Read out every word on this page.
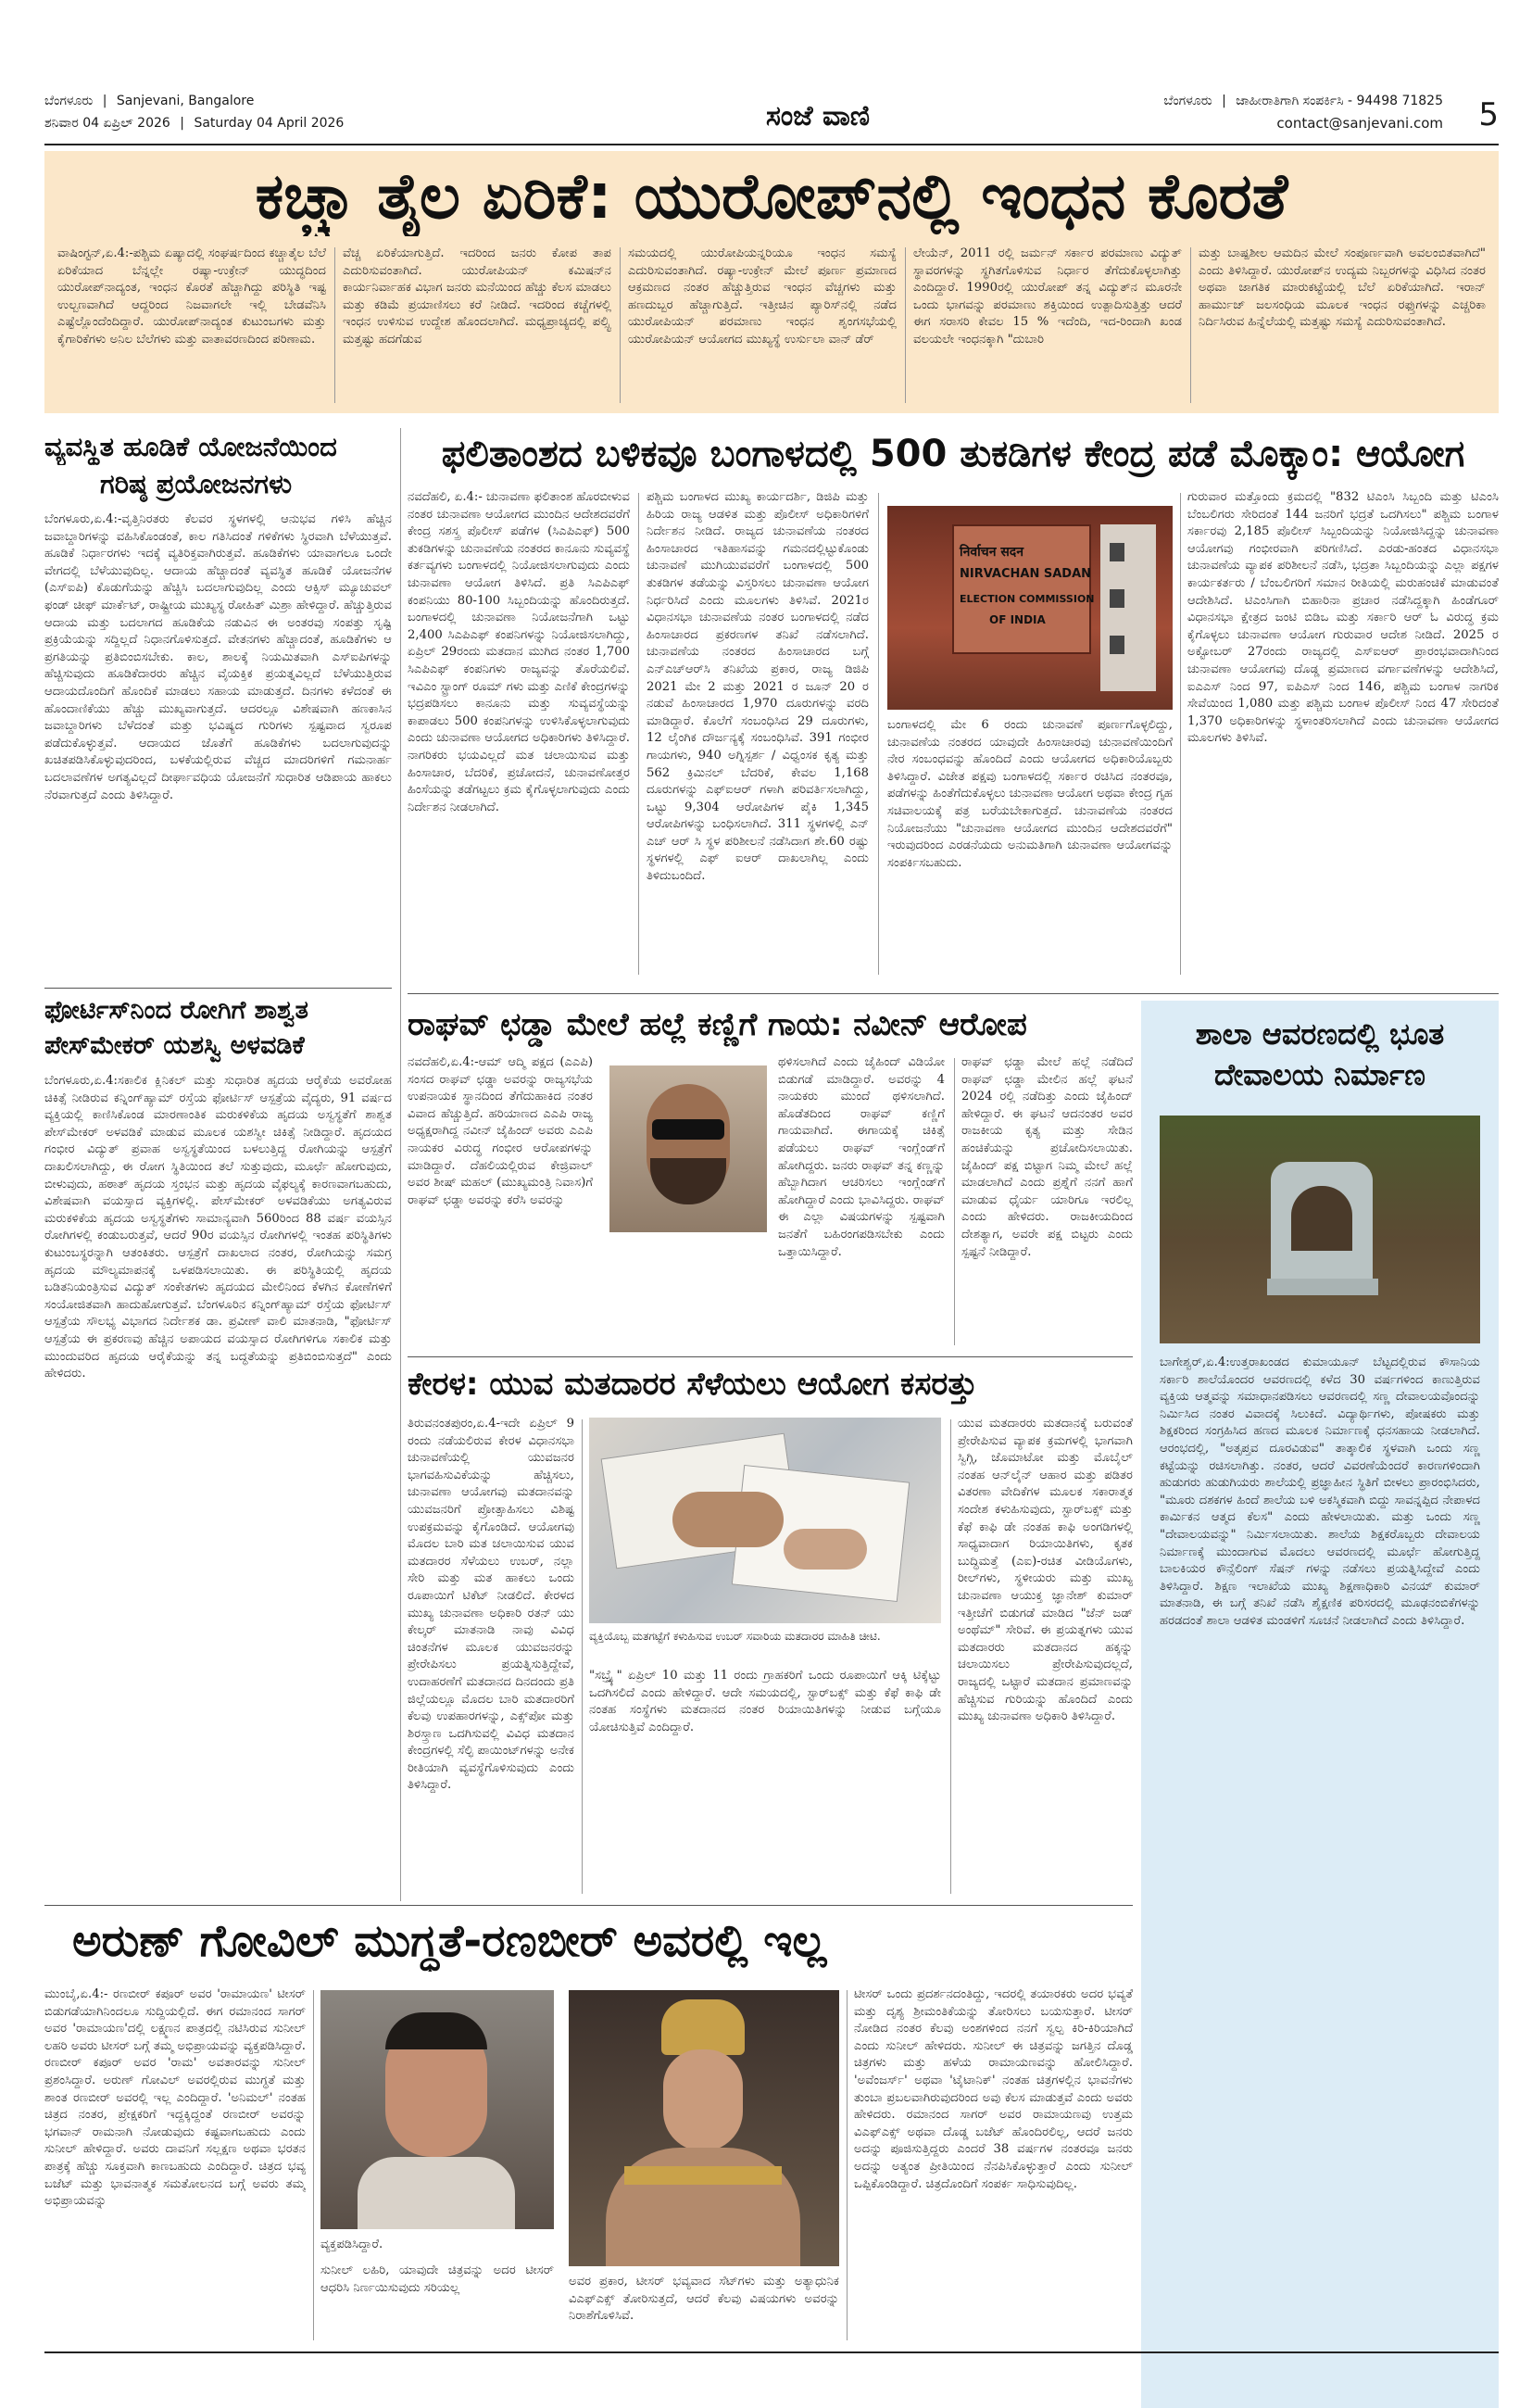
ಬೆಂಗಳೂರು | Sanjevani, Bangalore
ಶನಿವಾರ 04 ಏಪ್ರಿಲ್ 2026 | Saturday 04 April 2026	ಸಂಜೆ ವಾಣಿ	ಬೆಂಗಳೂರು | ಜಾಹೀರಾತಿಗಾಗಿ ಸಂಪರ್ಕಿಸಿ - 94498 71825
contact@sanjevani.com 5
ಕಚ್ಚಾ ತೈಲ ಏರಿಕೆ: ಯುರೋಪ್‌ನಲ್ಲಿ ಇಂಧನ ಕೊರತೆ
ವಾಷಿಂಗ್ಟನ್,ಏ.4:-ಪಶ್ಚಿಮ ಏಷ್ಯಾದಲ್ಲಿ ಸಂಘರ್ಷದಿಂದ ಕಚ್ಚಾತೈಲ ಬೆಲೆ ಏರಿಕೆಯಾದ ಬೆನ್ನಲ್ಲೇ ರಷ್ಯಾ-ಉಕ್ರೇನ್ ಯುದ್ಧದಿಂದ ಯುರೋಪ್‌ನಾದ್ಯಂತ, ಇಂಧನ ಕೊರತೆ ಹೆಚ್ಚಾಗಿದ್ದು ಪರಿಸ್ಥಿತಿ ಇಷ್ಟ ಉಲ್ಬಣವಾಗಿದೆ ಆದ್ದರಿಂದ ನಿಜವಾಗಲೇ ಇಲ್ಲಿ ಬೇಡವೆನಿಸಿ ಎಷ್ಟೆಲ್ಲೊಂದೆಂದಿದ್ದಾರೆ. ಯುರೋಪ್‌ನಾದ್ಯಂತ ಕುಟುಂಬಗಳು ಮತ್ತು ಕೈಗಾರಿಕೆಗಳು ಅನಿಲ ಬೆಲೆಗಳು ಮತ್ತು ವಾತಾವರಣದಿಂದ ಪರಿಣಾಮ.
ವೆಚ್ಚ ಏರಿಕೆಯಾಗುತ್ತಿದೆ. ಇದರಿಂದ ಜನರು ಕೋಪ ತಾಪ ಎದುರಿಸುವಂತಾಗಿದೆ. ಯುರೋಪಿಯನ್ ಕಮಿಷನ್‌ನ ಕಾರ್ಯನಿರ್ವಾಹಕ ವಿಭಾಗ ಜನರು ಮನೆಯಿಂದ ಹೆಚ್ಚು ಕೆಲಸ ಮಾಡಲು ಮತ್ತು ಕಡಿಮೆ ಪ್ರಯಾಣಿಸಲು ಕರೆ ನೀಡಿದೆ. ಇದರಿಂದ ಕಚ್ಚೆಗಳಲ್ಲಿ ಇಂಧನ ಉಳಿಸುವ ಉದ್ದೇಶ ಹೊಂದಲಾಗಿದೆ. ಮಧ್ಯಪ್ರಾಚ್ಯದಲ್ಲಿ ಪಲ್ಸ್ಟಿ ಮತ್ತಷ್ಟು ಹದಗೆಡುವ
ಸಮಯದಲ್ಲಿ ಯುರೋಪಿಯನ್ನರಿಯೂ ಇಂಧನ ಸಮಸ್ಯೆ ಎದುರಿಸುವಂತಾಗಿದೆ. ರಷ್ಯಾ-ಉಕ್ರೇನ್ ಮೇಲೆ ಪೂರ್ಣ ಪ್ರಮಾಣದ ಆಕ್ರಮಣದ ನಂತರ ಹೆಚ್ಚುತ್ತಿರುವ ಇಂಧನ ವೆಚ್ಚಗಳು ಮತ್ತು ಹಣದುಬ್ಬರ ಹೆಚ್ಚಾಗುತ್ತಿದೆ. ಇತ್ತೀಚಿನ ಪ್ಯಾರಿಸ್‌ನಲ್ಲಿ ನಡೆದ ಯುರೋಪಿಯನ್ ಪರಮಾಣು ಇಂಧನ ಶೃಂಗಸಭೆಯಲ್ಲಿ ಯುರೋಪಿಯನ್ ಆಯೋಗದ ಮುಖ್ಯಸ್ಥೆ ಉರ್ಸುಲಾ ವಾನ್ ಡೆರ್
ಲೇಯೆನ್, 2011 ರಲ್ಲಿ ಜರ್ಮನ್ ಸರ್ಕಾರ ಪರಮಾಣು ವಿದ್ಯುತ್ ಸ್ಥಾವರಗಳನ್ನು ಸ್ಥಗಿತಗೊಳಿಸುವ ನಿರ್ಧಾರ ತೆಗೆದುಕೊಳ್ಳಲಾಗಿತ್ತು ಎಂದಿದ್ದಾರೆ. 1990ರಲ್ಲಿ ಯುರೋಪ್ ತನ್ನ ವಿದ್ಯುತ್‌ನ ಮೂರನೇ ಒಂದು ಭಾಗವನ್ನು ಪರಮಾಣು ಶಕ್ತಿಯಿಂದ ಉತ್ಪಾದಿಸುತ್ತಿತ್ತು ಆದರೆ ಈಗ ಸರಾಸರಿ ಕೇವಲ 15 % ಇದೆಂದಿ, ಇದ-ರಿಂದಾಗಿ ಖಂಡ ವಲಯಲೇ ಇಂಧನಕ್ಕಾಗಿ "ದುಬಾರಿ
ಮತ್ತು ಬಾಷ್ಪಶೀಲ ಆಮದಿನ ಮೇಲೆ ಸಂಪೂರ್ಣವಾಗಿ ಅವಲಂಬಿತವಾಗಿದೆ" ಎಂದು ತಿಳಿಸಿದ್ದಾರೆ. ಯುರೋಪ್‌ನ ಉದ್ಯಮ ನಿಬ್ಬರಗಳನ್ನು ವಿಧಿಸಿದ ನಂತರ ಅಥವಾ ಜಾಗತಿಕ ಮಾರುಕಟ್ಟೆಯಲ್ಲಿ ಬೆಲೆ ಏರಿಕೆಯಾಗಿದೆ. ಇರಾನ್ ಹಾರ್ಮುಜ್ ಜಲಸಂಧಿಯ ಮೂಲಕ ಇಂಧನ ರಫ್ತುಗಳನ್ನು ಎಚ್ಚರಿಕಾ ನಿರ್ದಿಸಿರುವ ಹಿನ್ನೆಲೆಯಲ್ಲಿ ಮತ್ತಷ್ಟು ಸಮಸ್ಯೆ ಎದುರಿಸುವಂತಾಗಿದೆ.
ವ್ಯವಸ್ಥಿತ ಹೂಡಿಕೆ ಯೋಜನೆಯಿಂದ
ಗರಿಷ್ಠ ಪ್ರಯೋಜನಗಳು
ಬೆಂಗಳೂರು,ಏ.4:-ವೃತ್ತಿನಿರತರು ಕೆಲವರ ಸ್ಥಳಗಳಲ್ಲಿ ಆನುಭವ ಗಳಿಸಿ ಹೆಚ್ಚಿನ ಜವಾಬ್ದಾರಿಗಳನ್ನು ವಹಿಸಿಕೊಂಡಂತೆ, ಕಾಲ ಗತಿಸಿದಂತೆ ಗಳಿಕೆಗಳು ಸ್ಥಿರವಾಗಿ ಬೆಳೆಯುತ್ತವೆ. ಹೂಡಿಕೆ ನಿರ್ಧಾರಗಳು ಇದಕ್ಕೆ ವ್ಯತಿರಿಕ್ತವಾಗಿರುತ್ತವೆ. ಹೂಡಿಕೆಗಳು ಯಾವಾಗಲೂ ಒಂದೇ ವೇಗದಲ್ಲಿ ಬೆಳೆಯುವುದಿಲ್ಲ. ಆದಾಯ ಹೆಚ್ಚಾದಂತೆ ವ್ಯವಸ್ಥಿತ ಹೂಡಿಕೆ ಯೋಜನೆಗಳ (ಎಸ್‌ಐಪಿ) ಕೊಡುಗೆಯನ್ನು ಹೆಚ್ಚಿಸಿ ಬದಲಾಗುವುದಿಲ್ಲ ಎಂದು ಆಕ್ಸಿಸ್ ಮ್ಯೂಚುವಲ್ ಫಂಡ್ ಚೀಫ್ ಮಾರ್ಕೆಟ್, ರಾಷ್ಟ್ರೀಯ ಮುಖ್ಯಸ್ಥ ರೋಹಿತ್ ಮಿಶ್ರಾ ಹೇಳಿದ್ದಾರೆ. ಹೆಚ್ಚುತ್ತಿರುವ ಆದಾಯ ಮತ್ತು ಬದಲಾಗದ ಹೂಡಿಕೆಯ ನಡುವಿನ ಈ ಅಂತರವು ಸಂಪತ್ತು ಸೃಷ್ಟಿ ಪ್ರಕ್ರಿಯೆಯನ್ನು ಸದ್ದಿಲ್ಲದೆ ನಿಧಾನಗೊಳಿಸುತ್ತದೆ. ವೇತನಗಳು ಹೆಚ್ಚಾದಂತೆ, ಹೂಡಿಕೆಗಳು ಆ ಪ್ರಗತಿಯನ್ನು ಪ್ರತಿಬಿಂಬಿಸಬೇಕು. ಕಾಲ, ಶಾಲಕ್ಕೆ ನಿಯಮಿತವಾಗಿ ಎಸ್‌ಐಪಿಗಳನ್ನು ಹೆಚ್ಚಿಸುವುದು ಹೂಡಿಕೆದಾರರು ಹೆಚ್ಚಿನ ವೈಯಕ್ತಿಕ ಪ್ರಯತ್ನವಿಲ್ಲದೆ ಬೆಳೆಯುತ್ತಿರುವ ಆದಾಯದೊಂದಿಗೆ ಹೊಂದಿಕೆ ಮಾಡಲು ಸಹಾಯ ಮಾಡುತ್ತದೆ. ದಿನಗಳು ಕಳೆದಂತೆ ಈ ಹೊಂದಾಣಿಕೆಯು ಹೆಚ್ಚು ಮುಖ್ಯವಾಗುತ್ತದೆ. ಆದರಲ್ಲೂ ವಿಶೇಷವಾಗಿ ಹಣಕಾಸಿನ ಜವಾಬ್ದಾರಿಗಳು ಬೆಳೆದಂತೆ ಮತ್ತು ಭವಿಷ್ಯದ ಗುರಿಗಳು ಸ್ಪಷ್ಟವಾದ ಸ್ವರೂಪ ಪಡೆದುಕೊಳ್ಳುತ್ತವೆ. ಆದಾಯದ ಜೊತೆಗೆ ಹೂಡಿಕೆಗಳು ಬದಲಾಗುವುದನ್ನು ಖಚಿತಪಡಿಸಿಕೊಳ್ಳುವುದರಿಂದ, ಬಳಕೆಯಲ್ಲಿರುವ ವೆಚ್ಚದ ಮಾದರಿಗಳಿಗೆ ಗಮನಾರ್ಹ ಬದಲಾವಣೆಗಳ ಅಗತ್ಯವಿಲ್ಲದೆ ದೀರ್ಘಾವಧಿಯ ಯೋಜನೆಗೆ ಸುಧಾರಿತ ಆಡಿಪಾಯ ಹಾಕಲು ನೆರವಾಗುತ್ತದೆ ಎಂದು ತಿಳಿಸಿದ್ದಾರೆ.
ಫಲಿತಾಂಶದ ಬಳಿಕವೂ ಬಂಗಾಳದಲ್ಲಿ 500 ತುಕಡಿಗಳ ಕೇಂದ್ರ ಪಡೆ ಮೊಕ್ಕಾಂ: ಆಯೋಗ
ನವದೆಹಲಿ, ಏ.4:- ಚುನಾವಣಾ ಫಲಿತಾಂಶ ಹೊರಬೀಳುವ ನಂತರ ಚುನಾವಣಾ ಆಯೋಗದ ಮುಂದಿನ ಆದೇಶದವರೆಗೆ ಕೇಂದ್ರ ಸಶಸ್ತ್ರ ಪೊಲೀಸ್ ಪಡೆಗಳ (ಸಿಎಪಿಎಫ್) 500 ತುಕಡಿಗಳನ್ನು ಚುನಾವಣೆಯ ನಂತರದ ಕಾನೂನು ಸುವ್ಯವಸ್ಥೆ ಕರ್ತವ್ಯಗಳು ಬಂಗಾಳದಲ್ಲಿ ನಿಯೋಜಿಸಲಾಗುವುದು ಎಂದು ಚುನಾವಣಾ ಆಯೋಗ ತಿಳಿಸಿದೆ. ಪ್ರತಿ ಸಿಎಪಿಎಫ್ ಕಂಪನಿಯು 80-100 ಸಿಬ್ಬಂದಿಯನ್ನು ಹೊಂದಿರುತ್ತದೆ. ಬಂಗಾಳದಲ್ಲಿ ಚುನಾವಣಾ ನಿಯೋಜನೆಗಾಗಿ ಒಟ್ಟು 2,400 ಸಿಎಪಿಎಫ್ ಕಂಪನಿಗಳನ್ನು ನಿಯೋಜಿಸಲಾಗಿದ್ದು, ಏಪ್ರಿಲ್ 29ರಂದು ಮತದಾನ ಮುಗಿದ ನಂತರ 1,700 ಸಿಎಪಿಎಫ್ ಕಂಪನಿಗಳು ರಾಜ್ಯವನ್ನು ತೊರೆಯಲಿವೆ. ಇವಿಎಂ ಸ್ಟ್ರಾಂಗ್ ರೂಮ್ ಗಳು ಮತ್ತು ಎಣಿಕೆ ಕೇಂದ್ರಗಳನ್ನು ಭದ್ರಪಡಿಸಲು ಕಾನೂನು ಮತ್ತು ಸುವ್ಯವಸ್ಥೆಯನ್ನು ಕಾಪಾಡಲು 500 ಕಂಪನಿಗಳನ್ನು ಉಳಿಸಿಕೊಳ್ಳಲಾಗುವುದು ಎಂದು ಚುನಾವಣಾ ಆಯೋಗದ ಅಧಿಕಾರಿಗಳು ತಿಳಿಸಿದ್ದಾರೆ. ನಾಗರಿಕರು ಭಯವಿಲ್ಲದೆ ಮತ ಚಲಾಯಿಸುವ ಮತ್ತು ಹಿಂಸಾಚಾರ, ಬೆದರಿಕೆ, ಪ್ರಚೋದನೆ, ಚುನಾವಣೋತ್ತರ ಹಿಂಸೆಯನ್ನು ತಡೆಗಟ್ಟಲು ಕ್ರಮ ಕೈಗೊಳ್ಳಲಾಗುವುದು ಎಂದು ನಿರ್ದೇಶನ ನೀಡಲಾಗಿದೆ.
ಪಶ್ಚಿಮ ಬಂಗಾಳದ ಮುಖ್ಯ ಕಾರ್ಯದರ್ಶಿ, ಡಿಜಿಪಿ ಮತ್ತು ಹಿರಿಯ ರಾಜ್ಯ ಆಡಳಿತ ಮತ್ತು ಪೊಲೀಸ್ ಅಧಿಕಾರಿಗಳಿಗೆ ನಿರ್ದೇಶನ ನೀಡಿದೆ. ರಾಜ್ಯದ ಚುನಾವಣೆಯ ನಂತರದ ಹಿಂಸಾಚಾರದ ಇತಿಹಾಸವನ್ನು ಗಮನದಲ್ಲಿಟ್ಟುಕೊಂಡು ಚುನಾವಣೆ ಮುಗಿಯುವವರೆಗೆ ಬಂಗಾಳದಲ್ಲಿ 500 ತುಕಡಿಗಳ ತಡೆಯನ್ನು ವಿಸ್ತರಿಸಲು ಚುನಾವಣಾ ಆಯೋಗ ನಿರ್ಧರಿಸಿದೆ ಎಂದು ಮೂಲಗಳು ತಿಳಿಸಿವೆ. 2021ರ ವಿಧಾನಸಭಾ ಚುನಾವಣೆಯ ನಂತರ ಬಂಗಾಳದಲ್ಲಿ ನಡೆದ ಹಿಂಸಾಚಾರದ ಪ್ರಕರಣಗಳ ತನಿಖೆ ನಡೆಸಲಾಗಿದೆ. ಚುನಾವಣೆಯ ನಂತರದ ಹಿಂಸಾಚಾರದ ಬಗ್ಗೆ ಎನ್‌ಎಚ್‌ಆರ್‌ಸಿ ತನಿಖೆಯ ಪ್ರಕಾರ, ರಾಜ್ಯ ಡಿಜಿಪಿ 2021 ಮೇ 2 ಮತ್ತು 2021 ರ ಜೂನ್ 20 ರ ನಡುವೆ ಹಿಂಸಾಚಾರದ 1,970 ದೂರುಗಳನ್ನು ವರದಿ ಮಾಡಿದ್ದಾರೆ. ಕೊಲೆಗೆ ಸಂಬಂಧಿಸಿದ 29 ದೂರುಗಳು, 12 ಲೈಂಗಿಕ ದೌರ್ಜನ್ಯಕ್ಕೆ ಸಂಬಂಧಿಸಿವೆ. 391 ಗಂಭೀರ ಗಾಯಗಳು, 940 ಅಗ್ನಿಸ್ಪರ್ಶ / ವಿಧ್ವಂಸಕ ಕೃತ್ಯ ಮತ್ತು 562 ಕ್ರಿಮಿನಲ್ ಬೆದರಿಕೆ, ಕೇವಲ 1,168 ದೂರುಗಳನ್ನು ಎಫ್‌ಐಆರ್ ಗಳಾಗಿ ಪರಿವರ್ತಿಸಲಾಗಿದ್ದು, ಒಟ್ಟು 9,304 ಆರೋಪಿಗಳ ಪೈಕಿ 1,345 ಆರೋಪಿಗಳನ್ನು ಬಂಧಿಸಲಾಗಿದೆ. 311 ಸ್ಥಳಗಳಲ್ಲಿ ಎನ್ ಎಚ್ ಆರ್ ಸಿ ಸ್ಥಳ ಪರಿಶೀಲನೆ ನಡೆಸಿದಾಗ ಶೇ.60 ರಷ್ಟು ಸ್ಥಳಗಳಲ್ಲಿ ಎಫ್ ಐಆರ್ ದಾಖಲಾಗಿಲ್ಲ ಎಂದು ತಿಳಿದುಬಂದಿದೆ.
निर्वाचन सदन
NIRVACHAN SADAN
ELECTION COMMISSION
OF INDIA
ಬಂಗಾಳದಲ್ಲಿ ಮೇ 6 ರಂದು ಚುನಾವಣೆ ಪೂರ್ಣಗೊಳ್ಳಲಿದ್ದು, ಚುನಾವಣೆಯ ನಂತರದ ಯಾವುದೇ ಹಿಂಸಾಚಾರವು ಚುನಾವಣೆಯಿಂದಿಗೆ ನೇರ ಸಂಬಂಧವನ್ನು ಹೊಂದಿದೆ ಎಂದು ಆಯೋಗದ ಅಧಿಕಾರಿಯೊಬ್ಬರು ತಿಳಿಸಿದ್ದಾರೆ. ವಿಜೇತ ಪಕ್ಷವು ಬಂಗಾಳದಲ್ಲಿ ಸರ್ಕಾರ ರಚಿಸಿದ ನಂತರವೂ, ಪಡೆಗಳನ್ನು ಹಿಂತೆಗೆದುಕೊಳ್ಳಲು ಚುನಾವಣಾ ಆಯೋಗ ಅಥವಾ ಕೇಂದ್ರ ಗೃಹ ಸಚಿವಾಲಯಕ್ಕೆ ಪತ್ರ ಬರೆಯಬೇಕಾಗುತ್ತದೆ. ಚುನಾವಣೆಯ ನಂತರದ ನಿಯೋಜನೆಯು "ಚುನಾವಣಾ ಆಯೋಗದ ಮುಂದಿನ ಆದೇಶದವರೆಗೆ" ಇರುವುದರಿಂದ ಎರಡನೆಯದು ಅನುಮತಿಗಾಗಿ ಚುನಾವಣಾ ಆಯೋಗವನ್ನು ಸಂಪರ್ಕಿಸಬಹುದು.
ಗುರುವಾರ ಮತ್ತೊಂದು ಕ್ರಮದಲ್ಲಿ "832 ಟಿಎಂಸಿ ಸಿಬ್ಬಂದಿ ಮತ್ತು ಟಿಎಂಸಿ ಬೆಂಬಲಿಗರು ಸೇರಿದಂತೆ 144 ಜನರಿಗೆ ಭದ್ರತೆ ಒದಗಿಸಲು" ಪಶ್ಚಿಮ ಬಂಗಾಳ ಸರ್ಕಾರವು 2,185 ಪೊಲೀಸ್ ಸಿಬ್ಬಂದಿಯನ್ನು ನಿಯೋಜಿಸಿದ್ದನ್ನು ಚುನಾವಣಾ ಆಯೋಗವು ಗಂಭೀರವಾಗಿ ಪರಿಗಣಿಸಿದೆ. ಎರಡು-ಹಂತದ ವಿಧಾನಸಭಾ ಚುನಾವಣೆಯ ವ್ಯಾಪಕ ಪರಿಶೀಲನೆ ನಡೆಸಿ, ಭದ್ರತಾ ಸಿಬ್ಬಂದಿಯನ್ನು ಎಲ್ಲಾ ಪಕ್ಷಗಳ ಕಾರ್ಯಕರ್ತರು / ಬೆಂಬಲಿಗರಿಗೆ ಸಮಾನ ರೀತಿಯಲ್ಲಿ ಮರುಹಂಚಿಕೆ ಮಾಡುವಂತೆ ಆದೇಶಿಸಿದೆ. ಟಿಎಂಸಿಗಾಗಿ ಬಿಹಾರಿನಾ ಪ್ರಚಾರ ನಡೆಸಿದ್ದಕ್ಕಾಗಿ ಹಿಂಡೆಗೂರ್ ವಿಧಾನಸಭಾ ಕ್ಷೇತ್ರದ ಜಂಟಿ ಬಿಡಿಒ ಮತ್ತು ಸರ್ಕಾರಿ ಆರ್ ಓ ವಿರುದ್ಧ ಕ್ರಮ ಕೈಗೊಳ್ಳಲು ಚುನಾವಣಾ ಆಯೋಗ ಗುರುವಾರ ಆದೇಶ ನೀಡಿದೆ. 2025 ರ ಅಕ್ಟೋಬರ್ 27ರಂದು ರಾಜ್ಯದಲ್ಲಿ ಎಸ್‌ಐಆರ್ ಪ್ರಾರಂಭವಾದಾಗಿನಿಂದ ಚುನಾವಣಾ ಆಯೋಗವು ದೊಡ್ಡ ಪ್ರಮಾಣದ ವರ್ಗಾವಣೆಗಳನ್ನು ಆದೇಶಿಸಿದೆ, ಐಎಎಸ್ ನಿಂದ 97, ಐಪಿಎಸ್ ನಿಂದ 146, ಪಶ್ಚಿಮ ಬಂಗಾಳ ನಾಗರಿಕ ಸೇವೆಯಿಂದ 1,080 ಮತ್ತು ಪಶ್ಚಿಮ ಬಂಗಾಳ ಪೊಲೀಸ್ ನಿಂದ 47 ಸೇರಿದಂತೆ 1,370 ಅಧಿಕಾರಿಗಳನ್ನು ಸ್ಥಳಾಂತರಿಸಲಾಗಿದೆ ಎಂದು ಚುನಾವಣಾ ಆಯೋಗದ ಮೂಲಗಳು ತಿಳಿಸಿವೆ.
ಫೋರ್ಟಿಸ್‌ನಿಂದ ರೋಗಿಗೆ ಶಾಶ್ವತ
ಪೇಸ್‌ಮೇಕರ್ ಯಶಸ್ವಿ ಅಳವಡಿಕೆ
ಬೆಂಗಳೂರು,ಏ.4:ಸಕಾಲಿಕ ಕ್ಲಿನಿಕಲ್ ಮತ್ತು ಸುಧಾರಿತ ಹೃದಯ ಆರೈಕೆಯ ಅವರೋಹ ಚಿಕಿತ್ಸೆ ನೀಡಿರುವ ಕನ್ನಿಂಗ್‌ಹ್ಯಾಮ್ ರಸ್ತೆಯ ಫೋರ್ಟಿಸ್ ಆಸ್ಪತ್ರೆಯ ವೈದ್ಯರು, 91 ವರ್ಷದ ವ್ಯಕ್ತಿಯಲ್ಲಿ ಕಾಣಿಸಿಕೊಂಡ ಮಾರಣಾಂತಿಕ ಮರುಕಳಿಕೆಯ ಹೃದಯ ಅಸ್ವಸ್ಥತೆಗೆ ಶಾಶ್ವತ ಪೇಸ್‌ಮೇಕರ್ ಅಳವಡಿಕೆ ಮಾಡುವ ಮೂಲಕ ಯಶಸ್ವೀ ಚಿಕಿತ್ಸೆ ನೀಡಿದ್ದಾರೆ. ಹೃದಯದ ಗಂಭೀರ ವಿದ್ಯುತ್ ಪ್ರವಾಹ ಅಸ್ವಸ್ಥತೆಯಿಂದ ಬಳಲುತ್ತಿದ್ದ ರೋಗಿಯನ್ನು ಆಸ್ಪತ್ರೆಗೆ ದಾಖಲಿಸಲಾಗಿದ್ದು, ಈ ರೋಗ ಸ್ಥಿತಿಯಿಂದ ತಲೆ ಸುತ್ತುವುದು, ಮೂರ್ಛೆ ಹೋಗುವುದು, ಬೀಳುವುದು, ಹಠಾತ್ ಹೃದಯ ಸ್ತಂಭನ ಮತ್ತು ಹೃದಯ ವೈಫಲ್ಯಕ್ಕೆ ಕಾರಣವಾಗಬಹುದು, ವಿಶೇಷವಾಗಿ ವಯಸ್ಸಾದ ವ್ಯಕ್ತಿಗಳಲ್ಲಿ. ಪೇಸ್‌ಮೇಕರ್ ಅಳವಡಿಕೆಯು ಅಗತ್ಯವಿರುವ ಮರುಕಳಿಕೆಯ ಹೃದಯ ಅಸ್ವಸ್ಥತೆಗಳು ಸಾಮಾನ್ಯವಾಗಿ 560ರಿಂದ 88 ವರ್ಷ ವಯಸ್ಸಿನ ರೋಗಿಗಳಲ್ಲಿ ಕಂಡುಬರುತ್ತವೆ, ಆದರೆ 90ರ ವಯಸ್ಸಿನ ರೋಗಿಗಳಲ್ಲಿ ಇಂತಹ ಪರಿಸ್ಥಿತಿಗಳು ಕುಟುಂಬಸ್ಥರನ್ನಾಗಿ ಆತಂಕಿತರು. ಆಸ್ಪತ್ರೆಗೆ ದಾಖಲಾದ ನಂತರ, ರೋಗಿಯನ್ನು ಸಮಗ್ರ ಹೃದಯ ಮೌಲ್ಯಮಾಪನಕ್ಕೆ ಒಳಪಡಿಸಲಾಯಿತು. ಈ ಪರಿಸ್ಥಿತಿಯಲ್ಲಿ ಹೃದಯ ಬಡಿತನಿಯಂತ್ರಿಸುವ ವಿದ್ಯುತ್ ಸಂಕೇತಗಳು ಹೃದಯದ ಮೇಲಿನಿಂದ ಕೆಳಗಿನ ಕೋಣೆಗಳಿಗೆ ಸಂಯೋಜಿತವಾಗಿ ಹಾದುಹೋಗುತ್ತವೆ. ಬೆಂಗಳೂರಿನ ಕನ್ನಿಂಗ್‌ಹ್ಯಾಮ್ ರಸ್ತೆಯ ಫೋರ್ಟಿಸ್ ಆಸ್ಪತ್ರೆಯ ಸೌಲಭ್ಯ ವಿಭಾಗದ ನಿರ್ದೇಶಕ ಡಾ. ಪ್ರವೀಣ್ ವಾಲಿ ಮಾತನಾಡಿ, "ಫೋರ್ಟಿಸ್ ಆಸ್ಪತ್ರೆಯ ಈ ಪ್ರಕರಣವು ಹೆಚ್ಚಿನ ಅಪಾಯದ ವಯಸ್ಸಾದ ರೋಗಿಗಳಿಗೂ ಸಕಾಲಿಕ ಮತ್ತು ಮುಂದುವರಿದ ಹೃದಯ ಆರೈಕೆಯನ್ನು ತನ್ನ ಬದ್ಧತೆಯನ್ನು ಪ್ರತಿಬಿಂಬಿಸುತ್ತದೆ" ಎಂದು ಹೇಳಿದರು.
ರಾಘವ್ ಛಡ್ಡಾ ಮೇಲೆ ಹಲ್ಲೆ ಕಣ್ಣಿಗೆ ಗಾಯ: ನವೀನ್ ಆರೋಪ
ನವದೆಹಲಿ,ಏ.4:-ಆಮ್ ಆದ್ಮಿ ಪಕ್ಷದ (ಎಎಪಿ) ಸಂಸದ ರಾಘವ್ ಛಡ್ಡಾ ಅವರನ್ನು ರಾಜ್ಯಸಭೆಯ ಉಪನಾಯಕ ಸ್ಥಾನದಿಂದ ತೆಗೆದುಹಾಕಿದ ನಂತರ ವಿವಾದ ಹೆಚ್ಚುತ್ತಿದೆ. ಹರಿಯಾಣದ ಎಎಪಿ ರಾಜ್ಯ ಅಧ್ಯಕ್ಷರಾಗಿದ್ದ ನವೀನ್ ಜೈಹಿಂದ್ ಅವರು ಎಎಪಿ ನಾಯಕರ ವಿರುದ್ಧ ಗಂಭೀರ ಆರೋಪಗಳನ್ನು ಮಾಡಿದ್ದಾರೆ. ದೆಹಲಿಯಲ್ಲಿರುವ ಕೇಜ್ರಿವಾಲ್ ಅವರ ಶೀಷ್ ಮಹಲ್ (ಮುಖ್ಯಮಂತ್ರಿ ನಿವಾಸ)ಗೆ ರಾಘವ್ ಛಡ್ಡಾ ಅವರನ್ನು ಕರೆಸಿ ಅವರನ್ನು
ಥಳಿಸಲಾಗಿದೆ ಎಂದು ಜೈಹಿಂದ್ ವಿಡಿಯೋ ಬಿಡುಗಡೆ ಮಾಡಿದ್ದಾರೆ. ಅವರನ್ನು 4 ನಾಯಕರು ಮುಂದೆ ಥಳಿಸಲಾಗಿದೆ. ಹೊಡೆತದಿಂದ ರಾಘವ್ ಕಣ್ಣಿಗೆ ಗಾಯವಾಗಿದೆ. ಈಗಾಯಕ್ಕೆ ಚಿಕಿತ್ಸೆ ಪಡೆಯಲು ರಾಘವ್ ಇಂಗ್ಲೆಂಡ್‌ಗೆ ಹೋಗಿದ್ದರು. ಜನರು ರಾಘವ್ ತನ್ನ ಕಣ್ಣನ್ನು ಹೆಬ್ಬಾಗಿದಾಗ ಆಚರಿಸಲು ಇಂಗ್ಲೆಂಡ್‌ಗೆ ಹೋಗಿದ್ದಾರೆ ಎಂದು ಭಾವಿಸಿದ್ದರು. ರಾಘವ್ ಈ ಎಲ್ಲಾ ವಿಷಯಗಳನ್ನು ಸ್ಪಷ್ಟವಾಗಿ ಜನತೆಗೆ ಬಹಿರಂಗಪಡಿಸಬೇಕು ಎಂದು ಒತ್ತಾಯಿಸಿದ್ದಾರೆ.
ರಾಘವ್ ಛಡ್ಡಾ ಮೇಲೆ ಹಲ್ಲೆ ನಡೆದಿದೆ ರಾಘವ್ ಛಡ್ಡಾ ಮೇಲಿನ ಹಲ್ಲೆ ಘಟನೆ 2024 ರಲ್ಲಿ ನಡೆದಿತ್ತು ಎಂದು ಜೈಹಿಂದ್ ಹೇಳಿದ್ದಾರೆ. ಈ ಘಟನೆ ಆದನಂತರ ಅವರ ರಾಜಕೀಯ ಕೃತ್ಯ ಮತ್ತು ಸೇಡಿನ ಹಂಚಿಕೆಯನ್ನು ಪ್ರಚೋದಿಸಲಾಯಿತು. ಜೈಹಿಂದ್ ಪಕ್ಷ ಬಿಟ್ಟಾಗ ನಿಮ್ಮ ಮೇಲೆ ಹಲ್ಲೆ ಮಾಡಲಾಗಿದೆ ಎಂದು ಪ್ರಶ್ನೆಗೆ ನನಗೆ ಹಾಗೆ ಮಾಡುವ ಧೈರ್ಯ ಯಾರಿಗೂ ಇರಲಿಲ್ಲ ಎಂದು ಹೇಳಿದರು. ರಾಜಕೀಯದಿಂದ ದೇಶತ್ಯಾಗ, ಅವರೇ ಪಕ್ಷ ಬಿಟ್ಟರು ಎಂದು ಸ್ಪಷ್ಟನೆ ನೀಡಿದ್ದಾರೆ.
ಕೇರಳ: ಯುವ ಮತದಾರರ ಸೆಳೆಯಲು ಆಯೋಗ ಕಸರತ್ತು
ತಿರುವನಂತಪುರಂ,ಏ.4-ಇದೇ ಏಪ್ರಿಲ್ 9 ರಂದು ನಡೆಯಲಿರುವ ಕೇರಳ ವಿಧಾನಸಭಾ ಚುನಾವಣೆಯಲ್ಲಿ ಯುವಜನರ ಭಾಗವಹಿಸುವಿಕೆಯನ್ನು ಹೆಚ್ಚಿಸಲು, ಚುನಾವಣಾ ಆಯೋಗವು ಮತದಾನವನ್ನು ಯುವಜನರಿಗೆ ಪ್ರೋತ್ಸಾಹಿಸಲು ವಿಶಿಷ್ಟ ಉಪಕ್ರಮವನ್ನು ಕೈಗೊಂಡಿದೆ. ಆಯೋಗವು ಮೊದಲ ಬಾರಿ ಮತ ಚಲಾಯಿಸುವ ಯುವ ಮತದಾರರ ಸೆಳೆಯಲು ಉಬರ್, ನಲ್ಲಾ ಸೇರಿ ಮತ್ತು ಮತ ಹಾಕಲು ಒಂದು ರೂಪಾಯಿಗೆ ಟಿಕೆಟ್ ನೀಡಲಿದೆ. ಕೇರಳದ ಮುಖ್ಯ ಚುನಾವಣಾ ಅಧಿಕಾರಿ ರತನ್ ಯು ಕೇಲ್ಕರ್ ಮಾತನಾಡಿ ನಾವು ವಿವಿಧ ಚಿಂತನೆಗಳ ಮೂಲಕ ಯುವಜನರನ್ನು ಪ್ರೇರೇಪಿಸಲು ಪ್ರಯತ್ನಿಸುತ್ತಿದ್ದೇವೆ, ಉದಾಹರಣೆಗೆ ಮತದಾನದ ದಿನದಂದು ಪ್ರತಿ ಜಿಲ್ಲೆಯಲ್ಲೂ ಮೊದಲ ಬಾರಿ ಮತದಾರರಿಗೆ ಕೆಲವು ಉಪಹಾರಗಳನ್ನು, ಎಕ್ಸ್‌ಪೋ ಮತ್ತು ಶಿರಸ್ತ್ರಾಣ ಒದಗಿಸುವಲ್ಲಿ ವಿವಿಧ ಮತದಾನ ಕೇಂದ್ರಗಳಲ್ಲಿ ಸೆಲ್ಫಿ ಪಾಯಿಂಟ್‌ಗಳನ್ನು ಅನೇಕ ರೀತಿಯಾಗಿ ವ್ಯವಸ್ಥೆಗೊಳಿಸುವುದು ಎಂದು ತಿಳಿಸಿದ್ದಾರೆ.
ವ್ಯಕ್ತಿಯೊಬ್ಬ ಮತಗಟ್ಟೆಗೆ ಕಳುಹಿಸುವ ಉಬರ್ ಸವಾರಿಯ ಮತದಾರರ ಮಾಹಿತಿ ಚೀಟಿ.
"ಸಬ್ಸ್ಕ್ರೈ" ಏಪ್ರಿಲ್ 10 ಮತ್ತು 11 ರಂದು ಗ್ರಾಹಕರಿಗೆ ಒಂದು ರೂಪಾಯಿಗೆ ಆಕ್ಕಿ ಟಿಕ್ಕೆಟ್ಟು ಒದಗಿಸಲಿದೆ ಎಂದು ಹೇಳಿದ್ದಾರೆ. ಆದೇ ಸಮಯದಲ್ಲಿ, ಸ್ಟಾರ್‌ಬಕ್ಸ್ ಮತ್ತು ಕೆಫೆ ಕಾಫಿ ಡೇ ನಂತಹ ಸಂಸ್ಥೆಗಳು ಮತದಾನದ ನಂತರ ರಿಯಾಯಿತಿಗಳನ್ನು ನೀಡುವ ಬಗ್ಗೆಯೂ ಯೋಚಿಸುತ್ತಿವೆ ಎಂದಿದ್ದಾರೆ.
ಯುವ ಮತದಾರರು ಮತದಾನಕ್ಕೆ ಬರುವಂತೆ ಪ್ರೇರೇಪಿಸುವ ವ್ಯಾಪಕ ಕ್ರಮಗಳಲ್ಲಿ ಭಾಗವಾಗಿ ಸ್ವಿಗ್ಗಿ, ಜೊಮಾಟೋ ಮತ್ತು ಮೊಬೈಲ್ ನಂತಹ ಆನ್‌ಲೈನ್ ಆಹಾರ ಮತ್ತು ಪಡಿತರ ವಿತರಣಾ ವೇದಿಕೆಗಳ ಮೂಲಕ ಸಕಾರಾತ್ಮಕ ಸಂದೇಶ ಕಳುಹಿಸುವುದು, ಸ್ಟಾರ್‌ಬಕ್ಸ್ ಮತ್ತು ಕೆಫೆ ಕಾಫಿ ಡೇ ನಂತಹ ಕಾಫಿ ಅಂಗಡಿಗಳಲ್ಲಿ ಸಾಧ್ಯವಾದಾಗ ರಿಯಾಯಿತಿಗಳು, ಕೃತಕ ಬುದ್ಧಿಮತ್ತೆ (ಎಐ)-ರಚಿತ ವೀಡಿಯೊಗಳು, ರೀಲ್‌ಗಳು, ಸ್ಥಳೀಯರು ಮತ್ತು ಮುಖ್ಯ ಚುನಾವಣಾ ಆಯುಕ್ತ ಜ್ಞಾನೇಶ್ ಕುಮಾರ್ ಇತ್ತೀಚೆಗೆ ಬಿಡುಗಡೆ ಮಾಡಿದ "ಜೆನ್ ಜಡ್ ಅಂಥೆಮ್" ಸೇರಿವೆ. ಈ ಪ್ರಯತ್ನಗಳು ಯುವ ಮತದಾರರು ಮತದಾನದ ಹಕ್ಕನ್ನು ಚಲಾಯಿಸಲು ಪ್ರೇರೇಪಿಸುವುದಲ್ಲದೆ, ರಾಜ್ಯದಲ್ಲಿ ಒಟ್ಟಾರೆ ಮತದಾನ ಪ್ರಮಾಣವನ್ನು ಹೆಚ್ಚಿಸುವ ಗುರಿಯನ್ನು ಹೊಂದಿದೆ ಎಂದು ಮುಖ್ಯ ಚುನಾವಣಾ ಅಧಿಕಾರಿ ತಿಳಿಸಿದ್ದಾರೆ.
ಶಾಲಾ ಆವರಣದಲ್ಲಿ ಭೂತ
ದೇವಾಲಯ ನಿರ್ಮಾಣ
ಬಾಗೇಶ್ವರ್,ಏ.4:ಉತ್ತರಾಖಂಡದ ಕುಮಾಯೂನ್ ಬೆಟ್ಟದಲ್ಲಿರುವ ಕೌಸಾನಿಯ ಸರ್ಕಾರಿ ಶಾಲೆಯೊಂದರ ಆವರಣದಲ್ಲಿ ಕಳೆದ 30 ವರ್ಷಗಳಿಂದ ಕಾಣುತ್ತಿರುವ ವ್ಯಕ್ತಿಯ ಆತ್ಮವನ್ನು ಸಮಾಧಾನಪಡಿಸಲು ಆವರಣದಲ್ಲಿ ಸಣ್ಣ ದೇವಾಲಯವೊಂದನ್ನು ನಿರ್ಮಿಸಿದ ನಂತರ ವಿವಾದಕ್ಕೆ ಸಿಲುಕಿದೆ. ವಿದ್ಯಾರ್ಥಿಗಳು, ಪೋಷಕರು ಮತ್ತು ಶಿಕ್ಷಕರಿಂದ ಸಂಗ್ರಹಿಸಿದ ಹಣದ ಮೂಲಕ ನಿರ್ಮಾಣಕ್ಕೆ ಧನಸಹಾಯ ನೀಡಲಾಗಿದೆ. ಆರಂಭದಲ್ಲಿ, "ಅತೃಪ್ತವ ದೂರವಿಡುವ" ತಾತ್ಕಾಲಿಕ ಸ್ಥಳವಾಗಿ ಒಂದು ಸಣ್ಣ ಕಟ್ಟೆಯನ್ನು ರಚಿಸಲಾಗಿತ್ತು. ನಂತರ, ಆದರೆ ವಿವರಣೆಯೆಂದರೆ ಕಾರಣಗಳಿಂದಾಗಿ ಹುಡುಗರು ಹುಡುಗಿಯರು ಶಾಲೆಯಲ್ಲಿ ಪ್ರಜ್ಞಾಹೀನ ಸ್ಥಿತಿಗೆ ಬೀಳಲು ಪ್ರಾರಂಭಿಸಿದರು, "ಮೂರು ದಶಕಗಳ ಹಿಂದೆ ಶಾಲೆಯ ಬಳಿ ಅಕಸ್ಮಿಕವಾಗಿ ಬಿದ್ದು ಸಾವನ್ನಪ್ಪಿದ ನೇಪಾಳದ ಕಾರ್ಮಿಕನ ಆತ್ಮದ ಕೆಲಸ" ಎಂದು ಹೇಳಲಾಯಿತು. ಮತ್ತು ಒಂದು ಸಣ್ಣ "ದೇವಾಲಯವನ್ನು" ನಿರ್ಮಿಸಲಾಯಿತು. ಶಾಲೆಯ ಶಿಕ್ಷಕರೊಬ್ಬರು ದೇವಾಲಯ ನಿರ್ಮಾಣಕ್ಕೆ ಮುಂದಾಗುವ ಮೊದಲು ಆವರಣದಲ್ಲಿ ಮೂರ್ಛೆ ಹೋಗುತ್ತಿದ್ದ ಬಾಲಕಿಯರ ಕೌನ್ಸೆಲಿಂಗ್ ಸೆಷನ್ ಗಳನ್ನು ನಡೆಸಲು ಪ್ರಯತ್ನಿಸಿದ್ದೇವೆ ಎಂದು ತಿಳಿಸಿದ್ದಾರೆ. ಶಿಕ್ಷಣ ಇಲಾಖೆಯ ಮುಖ್ಯ ಶಿಕ್ಷಣಾಧಿಕಾರಿ ವಿನಯ್ ಕುಮಾರ್ ಮಾತನಾಡಿ, ಈ ಬಗ್ಗೆ ತನಿಖೆ ನಡೆಸಿ ಶೈಕ್ಷಣಿಕ ಪರಿಸರದಲ್ಲಿ ಮೂಢನಂಬಿಕೆಗಳನ್ನು ಹರಡದಂತೆ ಶಾಲಾ ಆಡಳಿತ ಮಂಡಳಿಗೆ ಸೂಚನೆ ನೀಡಲಾಗಿದೆ ಎಂದು ತಿಳಿಸಿದ್ದಾರೆ.
ಅರುಣ್ ಗೋವಿಲ್ ಮುಗ್ಧತೆ-ರಣಬೀರ್ ಅವರಲ್ಲಿ ಇಲ್ಲ
ಮುಂಬೈ,ಏ.4:- ರಣಬೀರ್ ಕಪೂರ್ ಅವರ 'ರಾಮಾಯಣ' ಟೀಸರ್ ಬಿಡುಗಡೆಯಾಗಿನಿಂದಲೂ ಸುದ್ದಿಯಲ್ಲಿದೆ. ಈಗ ರಮಾನಂದ ಸಾಗರ್ ಅವರ 'ರಾಮಾಯಣ'ದಲ್ಲಿ ಲಕ್ಷ್ಮಣನ ಪಾತ್ರದಲ್ಲಿ ನಟಿಸಿರುವ ಸುನೀಲ್ ಲಹರಿ ಅವರು ಟೀಸರ್ ಬಗ್ಗೆ ತಮ್ಮ ಅಭಿಪ್ರಾಯವನ್ನು ವ್ಯಕ್ತಪಡಿಸಿದ್ದಾರೆ. ರಣಬೀರ್ ಕಪೂರ್ ಅವರ 'ರಾಮ' ಅವತಾರವನ್ನು ಸುನೀಲ್ ಪ್ರಶಂಸಿದ್ದಾರೆ. ಅರುಣ್ ಗೋವಿಲ್ ಅವರಲ್ಲಿರುವ ಮುಗ್ಧತೆ ಮತ್ತು ಶಾಂತ ರಣಬೀರ್ ಅವರಲ್ಲಿ ಇಲ್ಲ ಎಂದಿದ್ದಾರೆ. 'ಅನಿಮಲ್' ನಂತಹ ಚಿತ್ರದ ನಂತರ, ಪ್ರೇಕ್ಷಕರಿಗೆ ಇದ್ದಕ್ಕಿದ್ದಂತೆ ರಣಬೀರ್ ಅವರನ್ನು ಭಗವಾನ್ ರಾಮನಾಗಿ ನೋಡುವುದು ಕಷ್ಟವಾಗಬಹುದು ಎಂದು ಸುನೀಲ್ ಹೇಳಿದ್ದಾರೆ. ಅವರು ದಾವನಿಗೆ ಸಲ್ಲಕ್ಷಣ ಅಥವಾ ಭರತನ ಪಾತ್ರಕ್ಕೆ ಹೆಚ್ಚು ಸೂಕ್ತವಾಗಿ ಕಾಣಬಹುದು ಎಂದಿದ್ದಾರೆ. ಚಿತ್ರದ ಭವ್ಯ ಬಜೆಟ್ ಮತ್ತು ಭಾವನಾತ್ಮಕ ಸಮತೋಲನದ ಬಗ್ಗೆ ಅವರು ತಮ್ಮ ಅಭಿಪ್ರಾಯವನ್ನು
ವ್ಯಕ್ತಪಡಿಸಿದ್ದಾರೆ.
ಸುನೀಲ್ ಲಹಿರಿ, ಯಾವುದೇ ಚಿತ್ರವನ್ನು ಅದರ ಟೀಸರ್ ಆಧರಿಸಿ ನಿರ್ಣಯಿಸುವುದು ಸರಿಯಲ್ಲ	ಅವರ ಪ್ರಕಾರ, ಟೀಸರ್ ಭವ್ಯವಾದ ಸೆಟ್‌ಗಳು ಮತ್ತು ಅತ್ಯಾಧುನಿಕ ವಿಎಫ್‌ಎಕ್ಸ್ ತೋರಿಸುತ್ತದೆ, ಆದರೆ ಕೆಲವು ವಿಷಯಗಳು ಅವರನ್ನು ನಿರಾಶೆಗೊಳಿಸಿವೆ.
ಟೀಸರ್ ಒಂದು ಪ್ರದರ್ಶನದಂತಿದ್ದು, ಇದರಲ್ಲಿ ತಯಾರಕರು ಅದರ ಭವ್ಯತೆ ಮತ್ತು ದೃಶ್ಯ ಶ್ರೀಮಂತಿಕೆಯನ್ನು ತೋರಿಸಲು ಬಯಸುತ್ತಾರೆ. ಟೀಸರ್ ನೋಡಿದ ನಂತರ ಕೆಲವು ಅಂಶಗಳಿಂದ ನನಗೆ ಸ್ವಲ್ಪ ಕಿರಿ-ಕಿರಿಯಾಗಿದೆ ಎಂದು ಸುನೀಲ್ ಹೇಳಿದರು. ಸುನೀಲ್ ಈ ಚಿತ್ರವನ್ನು ಜಗತ್ತಿನ ದೊಡ್ಡ ಚಿತ್ರಗಳು ಮತ್ತು ಹಳೆಯ ರಾಮಾಯಣವನ್ನು ಹೋಲಿಸಿದ್ದಾರೆ. 'ಅವೆಂಜರ್ಸ್' ಅಥವಾ 'ಟೈಟಾನಿಕ್' ನಂತಹ ಚಿತ್ರಗಳಲ್ಲಿನ ಭಾವನೆಗಳು ತುಂಬಾ ಪ್ರಬಲವಾಗಿರುವುದರಿಂದ ಅವು ಕೆಲಸ ಮಾಡುತ್ತವೆ ಎಂದು ಅವರು ಹೇಳಿದರು. ರಮಾನಂದ ಸಾಗರ್ ಅವರ ರಾಮಾಯಣವು ಉತ್ತಮ ವಿಎಫ್‌ಎಕ್ಸ್ ಅಥವಾ ದೊಡ್ಡ ಬಜೆಟ್ ಹೊಂದಿರಲಿಲ್ಲ, ಆದರೆ ಜನರು ಅದನ್ನು ಪೂಜಿಸುತ್ತಿದ್ದರು ಎಂದರೆ 38 ವರ್ಷಗಳ ನಂತರವೂ ಜನರು ಅದನ್ನು ಅತ್ಯಂತ ಪ್ರೀತಿಯಿಂದ ನೆನಪಿಸಿಕೊಳ್ಳುತ್ತಾರೆ ಎಂದು ಸುನೀಲ್ ಒಪ್ಪಿಕೊಂಡಿದ್ದಾರೆ. ಚಿತ್ರದೊಂದಿಗೆ ಸಂಪರ್ಕ ಸಾಧಿಸುವುದಿಲ್ಲ.
